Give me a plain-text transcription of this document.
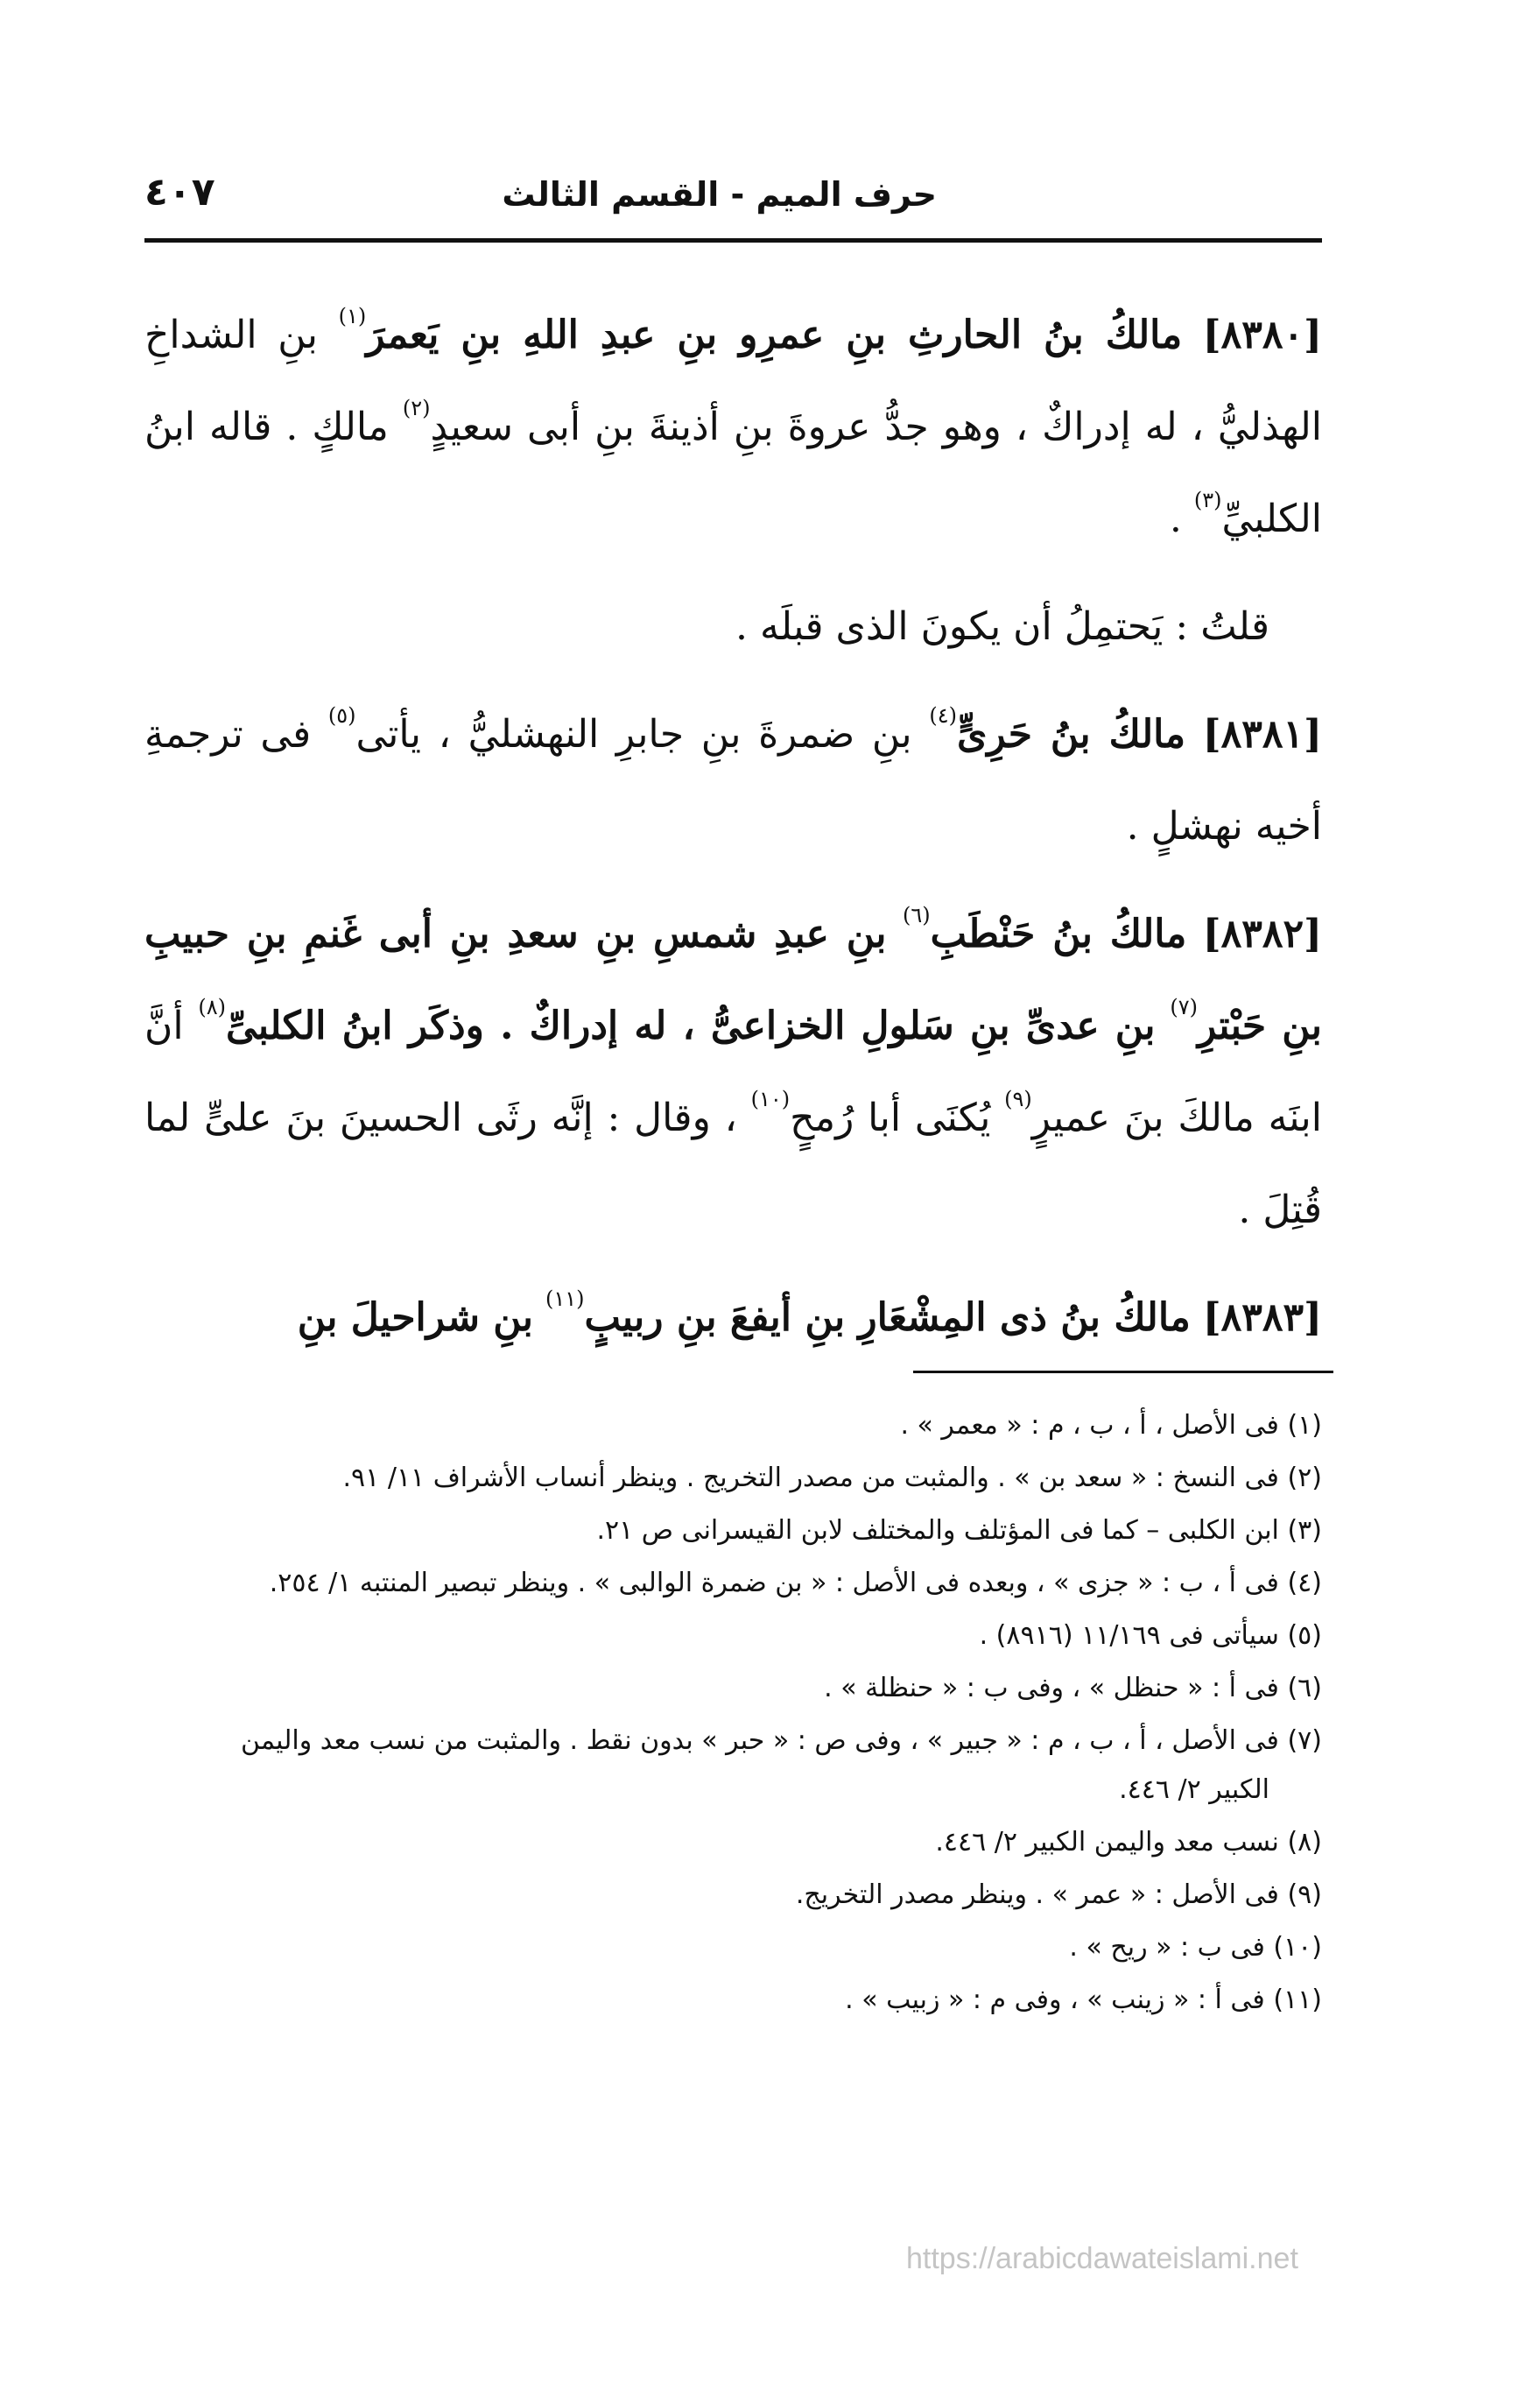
حرف الميم - القسم الثالث
٤٠٧

[٨٣٨٠] مالكُ بنُ الحارثِ بنِ عمرِو بنِ عبدِ اللهِ بنِ يَعمرَ$^{(١)}$ بنِ الشداخِ الهذليُّ ، له إدراكٌ ، وهو جدُّ عروةَ بنِ أذينةَ بنِ أبى سعيدٍ$^{(٢)}$ مالكٍ . قاله ابنُ الكلبيِّ$^{(٣)}$ .

قلتُ : يَحتمِلُ أن يكونَ الذى قبلَه .

[٨٣٨١] مالكُ بنُ حَرِىٍّ$^{(٤)}$ بنِ ضمرةَ بنِ جابرِ النهشليُّ ، يأتى$^{(٥)}$ فى ترجمةِ أخيه نهشلٍ .

[٨٣٨٢] مالكُ بنُ حَنْطَبِ$^{(٦)}$ بنِ عبدِ شمسِ بنِ سعدِ بنِ أبى غَنمِ بنِ حبيبِ بنِ حَبْترِ$^{(٧)}$ بنِ عدىِّ بنِ سَلولِ الخزاعىُّ ، له إدراكٌ . وذكَر ابنُ الكلبىِّ$^{(٨)}$ أنَّ ابنَه مالكَ بنَ عميرٍ$^{(٩)}$ يُكنَى أبا رُمحٍ$^{(١٠)}$ ، وقال : إنَّه رثَى الحسينَ بنَ علىٍّ لما قُتِلَ .

[٨٣٨٣] مالكُ بنُ ذى المِشْعَارِ بنِ أيفعَ بنِ ربيبٍ$^{(١١)}$ بنِ شراحيلَ بنِ

(١) فى الأصل ، أ ، ب ، م : « معمر » .
(٢) فى النسخ : « سعد بن » . والمثبت من مصدر التخريج . وينظر أنساب الأشراف ١١/ ٩١.
(٣) ابن الكلبى – كما فى المؤتلف والمختلف لابن القيسرانى ص ٢١.
(٤) فى أ ، ب : « جزى » ، وبعده فى الأصل : « بن ضمرة الوالبى » . وينظر تبصير المنتبه ١/ ٢٥٤.
(٥) سيأتى فى ١١/١٦٩ (٨٩١٦) .
(٦) فى أ : « حنظل » ، وفى ب : « حنظلة » .
(٧) فى الأصل ، أ ، ب ، م : « جبير » ، وفى ص : « حبر » بدون نقط . والمثبت من نسب معد واليمن
الكبير ٢/ ٤٤٦.
(٨) نسب معد واليمن الكبير ٢/ ٤٤٦.
(٩) فى الأصل : « عمر » . وينظر مصدر التخريج.
(١٠) فى ب : « ريح » .
(١١) فى أ : « زينب » ، وفى م : « زبيب » .
https://arabicdawateislami.net
